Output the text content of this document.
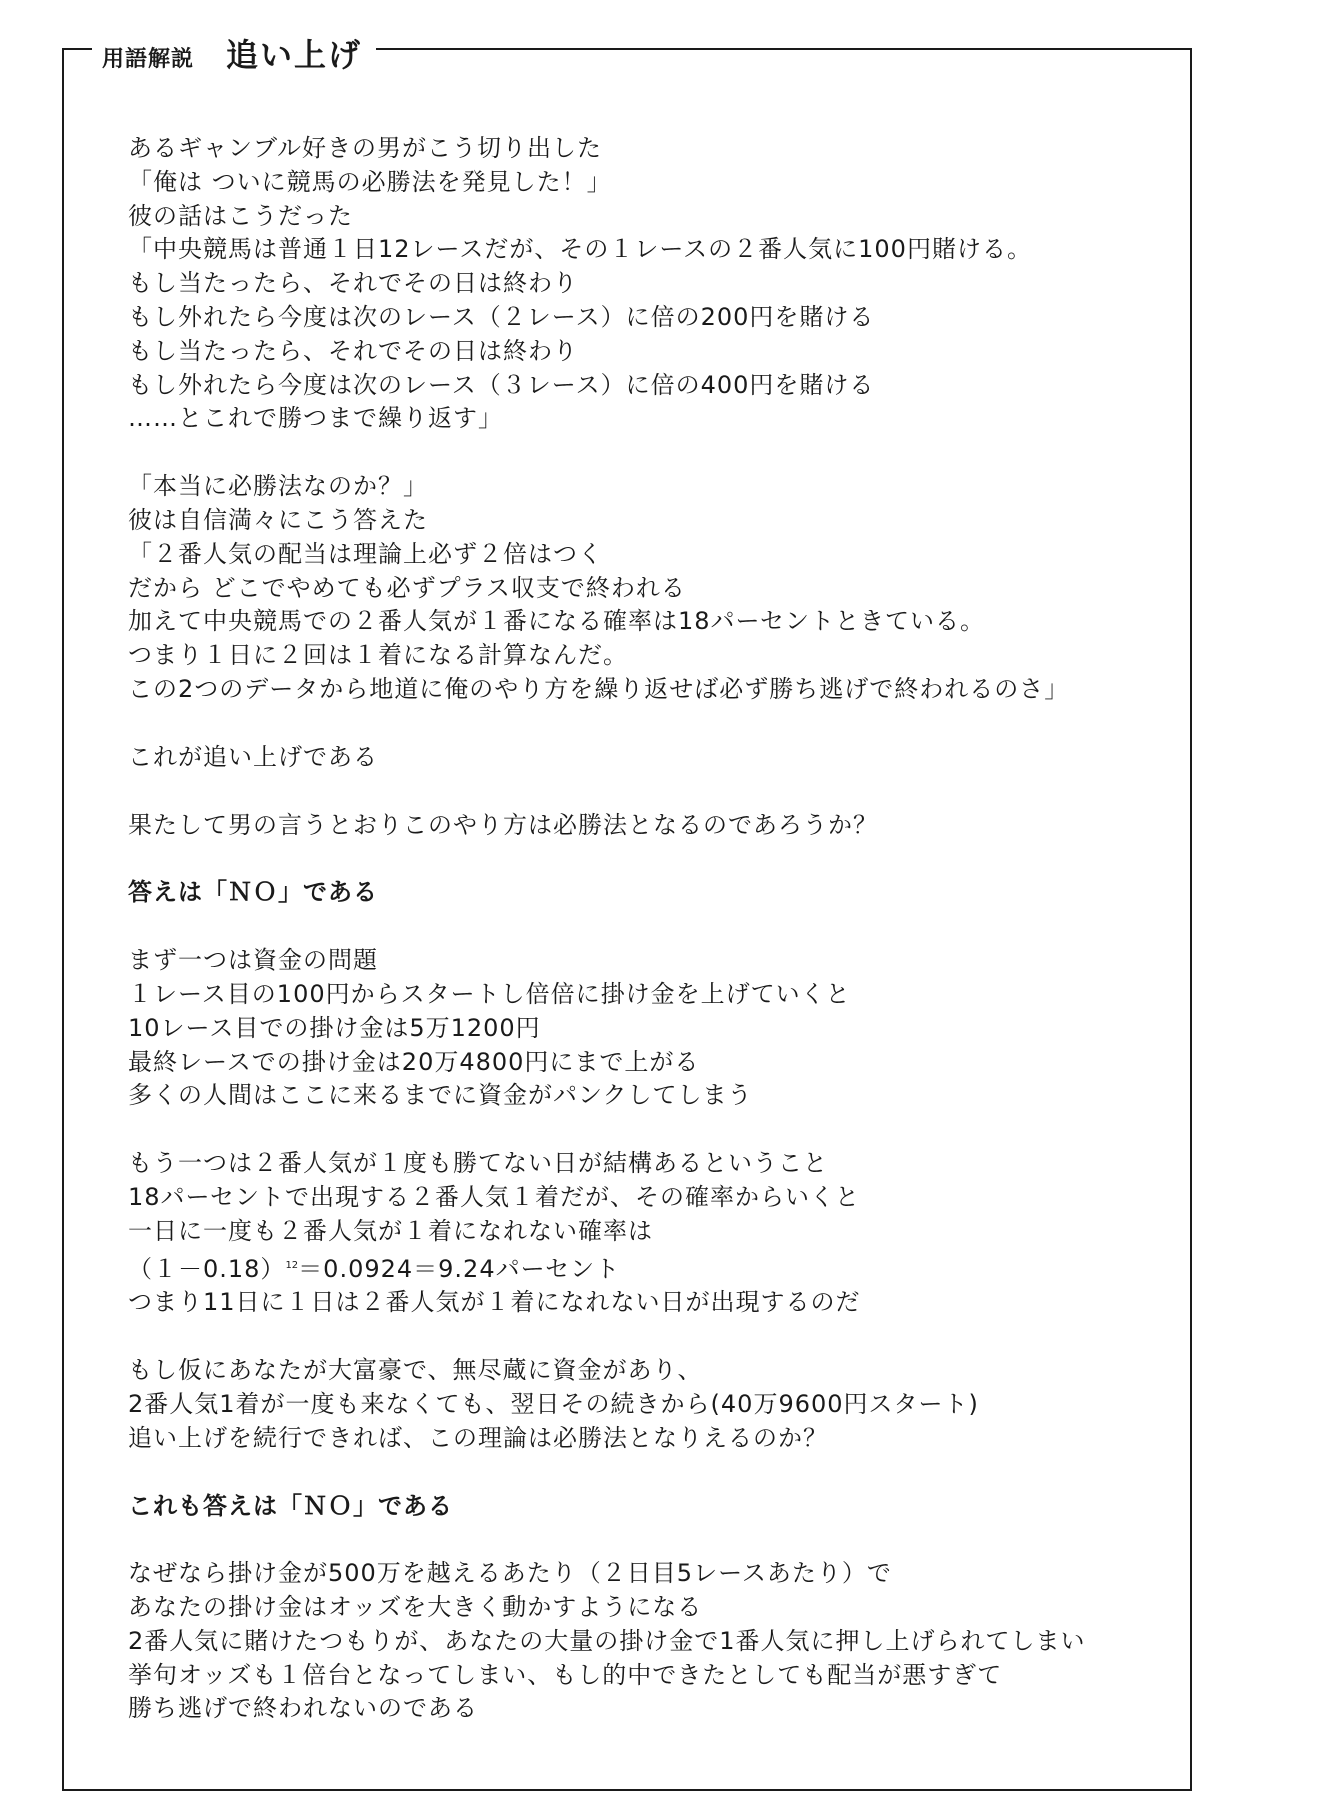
用語解説 追い上げ
あるギャンブル好きの男がこう切り出した
「俺は ついに競馬の必勝法を発見した！」
彼の話はこうだった
「中央競馬は普通１日12レースだが、その１レースの２番人気に100円賭ける。
もし当たったら、それでその日は終わり
もし外れたら今度は次のレース（２レース）に倍の200円を賭ける
もし当たったら、それでその日は終わり
もし外れたら今度は次のレース（３レース）に倍の400円を賭ける
……とこれで勝つまで繰り返す」
「本当に必勝法なのか？」
彼は自信満々にこう答えた
「２番人気の配当は理論上必ず２倍はつく
だから どこでやめても必ずプラス収支で終われる
加えて中央競馬での２番人気が１番になる確率は18パーセントときている。
つまり１日に２回は１着になる計算なんだ。
この2つのデータから地道に俺のやり方を繰り返せば必ず勝ち逃げで終われるのさ」
これが追い上げである
果たして男の言うとおりこのやり方は必勝法となるのであろうか？
答えは「ＮＯ」である
まず一つは資金の問題
１レース目の100円からスタートし倍倍に掛け金を上げていくと
10レース目での掛け金は5万1200円
最終レースでの掛け金は20万4800円にまで上がる
多くの人間はここに来るまでに資金がパンクしてしまう
もう一つは２番人気が１度も勝てない日が結構あるということ
18パーセントで出現する２番人気１着だが、その確率からいくと
一日に一度も２番人気が１着になれない確率は
$(1-0.18)^{12}=0.0924=9.24$パーセント
つまり11日に１日は２番人気が１着になれない日が出現するのだ
もし仮にあなたが大富豪で、無尽蔵に資金があり、
2番人気1着が一度も来なくても、翌日その続きから(40万9600円スタート)
追い上げを続行できれば、この理論は必勝法となりえるのか？
これも答えは「ＮＯ」である
なぜなら掛け金が500万を越えるあたり（２日目5レースあたり）で
あなたの掛け金はオッズを大きく動かすようになる
2番人気に賭けたつもりが、あなたの大量の掛け金で1番人気に押し上げられてしまい
挙句オッズも１倍台となってしまい、もし的中できたとしても配当が悪すぎて
勝ち逃げで終われないのである
